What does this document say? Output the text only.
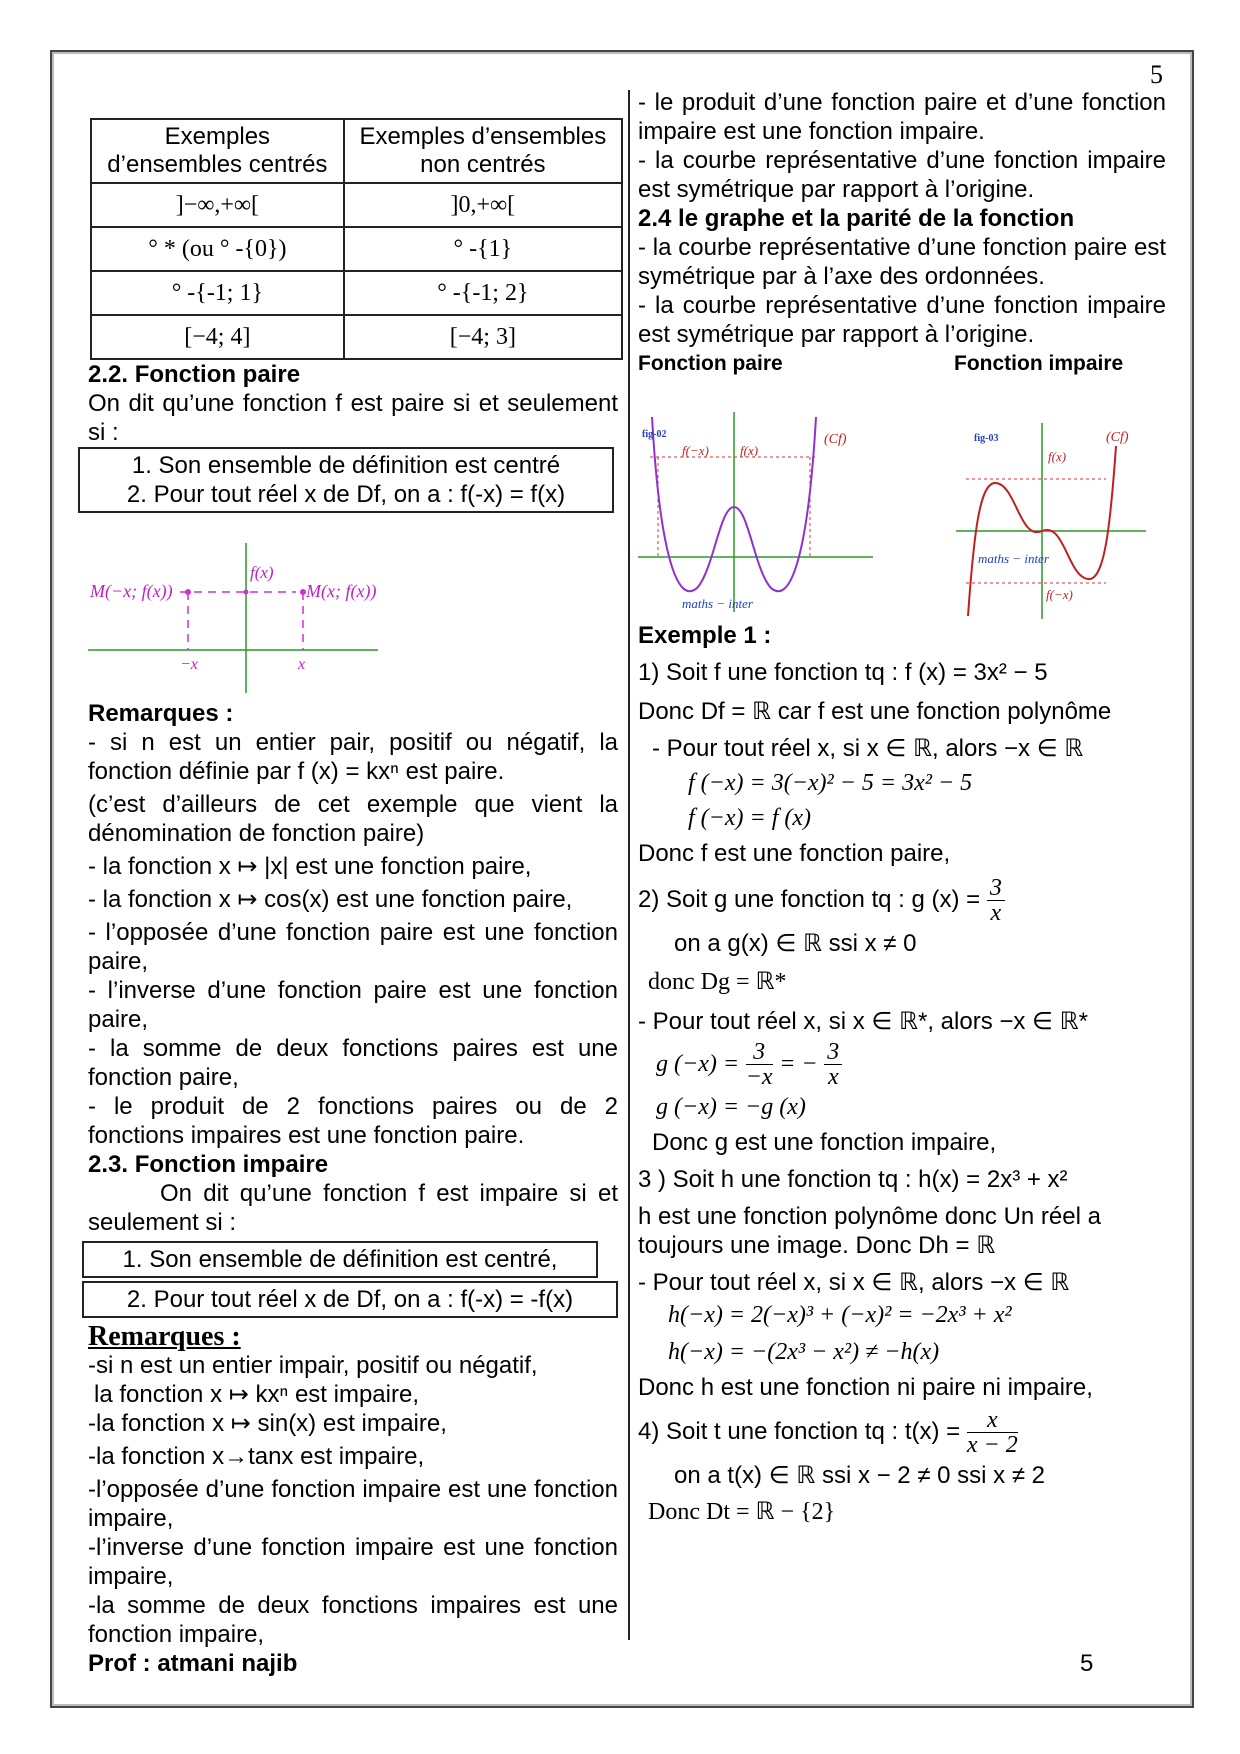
5
Exemples d’ensembles centrés	Exemples d’ensembles non centrés
]−∞,+∞[	]0,+∞[
° * (ou ° -{0})	° -{1}
° -{-1; 1}	° -{-1; 2}
[−4; 4]	[−4; 3]
2.2. Fonction paire
On dit qu’une fonction f est paire si et seulement si :
1. Son ensemble de définition est centré
2. Pour tout réel x de Df, on a : f(-x) = f(x)
M(−x; f(x))
f(x)
M(x; f(x))
−x	x
Remarques :
- si n est un entier pair, positif ou négatif, la fonction définie par f (x) = kxⁿ est paire.
(c’est d’ailleurs de cet exemple que vient la dénomination de fonction paire)
- la fonction x ↦ |x| est une fonction paire,
- la fonction x ↦ cos(x) est une fonction paire,
- l’opposée d’une fonction paire est une fonction paire,
- l’inverse d’une fonction paire est une fonction paire,
- la somme de deux fonctions paires est une fonction paire,
- le produit de 2 fonctions paires ou de 2 fonctions impaires est une fonction paire.
2.3. Fonction impaire
On dit qu’une fonction f est impaire si et seulement si :
1. Son ensemble de définition est centré,
2. Pour tout réel x de Df, on a : f(-x) = -f(x)
Remarques :
-si n est un entier impair, positif ou négatif,
la fonction x ↦ kxⁿ est impaire,
-la fonction x ↦ sin(x) est impaire,
-la fonction x→tanx est impaire,
-l’opposée d’une fonction impaire est une fonction impaire,
-l’inverse d’une fonction impaire est une fonction impaire,
-la somme de deux fonctions impaires est une fonction impaire,
- le produit d’une fonction paire et d’une fonction impaire est une fonction impaire.
- la courbe représentative d’une fonction impaire est symétrique par rapport à l’origine.
2.4 le graphe et la parité de la fonction
- la courbe représentative d’une fonction paire est symétrique par à l’axe des ordonnées.
- la courbe représentative d’une fonction impaire est symétrique par rapport à l’origine.
Fonction paire	Fonction impaire
fig-02
f(−x) f(x)
(Cf)
maths − inter
fig-03
f(x)
(Cf)
maths − inter
f(−x)
Exemple 1 :
1) Soit f une fonction tq : f (x) = 3x² − 5
Donc Df = ℝ car f est une fonction polynôme
- Pour tout réel x, si x ∈ ℝ, alors −x ∈ ℝ
f (−x) = 3(−x)² − 5 = 3x² − 5
f (−x) = f (x)
Donc f est une fonction paire,
2) Soit g une fonction tq : g $(x) = \frac{3}{x}$
on a g(x) ∈ ℝ ssi x ≠ 0
donc Dg = ℝ*
- Pour tout réel x, si x ∈ ℝ*, alors −x ∈ ℝ*
g $(-x) = \frac{3}{-x}$ = − $\frac{3}{x}$
g (−x) = −g (x)
Donc g est une fonction impaire,
3 ) Soit h une fonction tq : h(x) = 2x³ + x²
h est une fonction polynôme donc Un réel a toujours une image. Donc Dh = ℝ
- Pour tout réel x, si x ∈ ℝ, alors −x ∈ ℝ
h(−x) = 2(−x)³ + (−x)² = −2x³ + x²
h(−x) = −(2x³ − x²) ≠ −h(x)
Donc h est une fonction ni paire ni impaire,
4) Soit t une fonction tq : $t(x) = \frac{x}{x - 2}$
on a t(x) ∈ ℝ ssi x − 2 ≠ 0 ssi x ≠ 2
Donc Dt = ℝ − {2}
Prof : atmani najib	5
